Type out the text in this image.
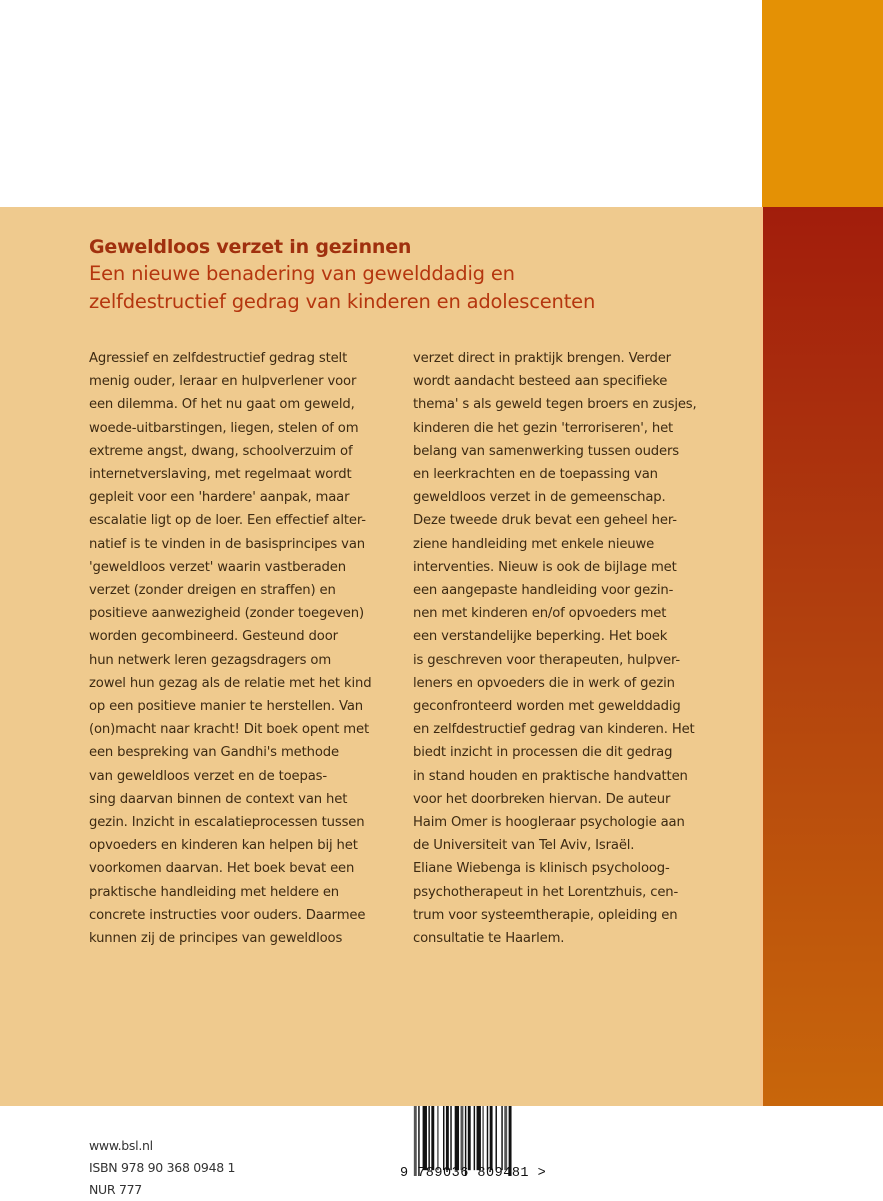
Geweldloos verzet in gezinnen
Een nieuwe benadering van gewelddadig en
zelfdestructief gedrag van kinderen en adolescenten
Agressief en zelfdestructief gedrag stelt
menig ouder, leraar en hulpverlener voor
een dilemma. Of het nu gaat om geweld,
woede-uitbarstingen, liegen, stelen of om
extreme angst, dwang, schoolverzuim of
internetverslaving, met regelmaat wordt
gepleit voor een 'hardere' aanpak, maar
escalatie ligt op de loer. Een effectief alter-
natief is te vinden in de basisprincipes van
'geweldloos verzet' waarin vastberaden
verzet (zonder dreigen en straffen) en
positieve aanwezigheid (zonder toegeven)
worden gecombineerd. Gesteund door
hun netwerk leren gezagsdragers om
zowel hun gezag als de relatie met het kind
op een positieve manier te herstellen. Van
(on)macht naar kracht! Dit boek opent met
een bespreking van Gandhi's methode
van geweldloos verzet en de toepas-
sing daarvan binnen de context van het
gezin. Inzicht in escalatieprocessen tussen
opvoeders en kinderen kan helpen bij het
voorkomen daarvan. Het boek bevat een
praktische handleiding met heldere en
concrete instructies voor ouders. Daarmee
kunnen zij de principes van geweldloos
verzet direct in praktijk brengen. Verder
wordt aandacht besteed aan specifieke
thema' s als geweld tegen broers en zusjes,
kinderen die het gezin 'terroriseren', het
belang van samenwerking tussen ouders
en leerkrachten en de toepassing van
geweldloos verzet in de gemeenschap.
Deze tweede druk bevat een geheel her-
ziene handleiding met enkele nieuwe
interventies. Nieuw is ook de bijlage met
een aangepaste handleiding voor gezin-
nen met kinderen en/of opvoeders met
een verstandelijke beperking. Het boek
is geschreven voor therapeuten, hulpver-
leners en opvoeders die in werk of gezin
geconfronteerd worden met gewelddadig
en zelfdestructief gedrag van kinderen. Het
biedt inzicht in processen die dit gedrag
in stand houden en praktische handvatten
voor het doorbreken hiervan. De auteur
Haim Omer is hoogleraar psychologie aan
de Universiteit van Tel Aviv, Israël.
Eliane Wiebenga is klinisch psycholoog-
psychotherapeut in het Lorentzhuis, cen-
trum voor systeemtherapie, opleiding en
consultatie te Haarlem.
www.bsl.nl
ISBN 978 90 368 0948 1
NUR 777
9 789036 809481 >
